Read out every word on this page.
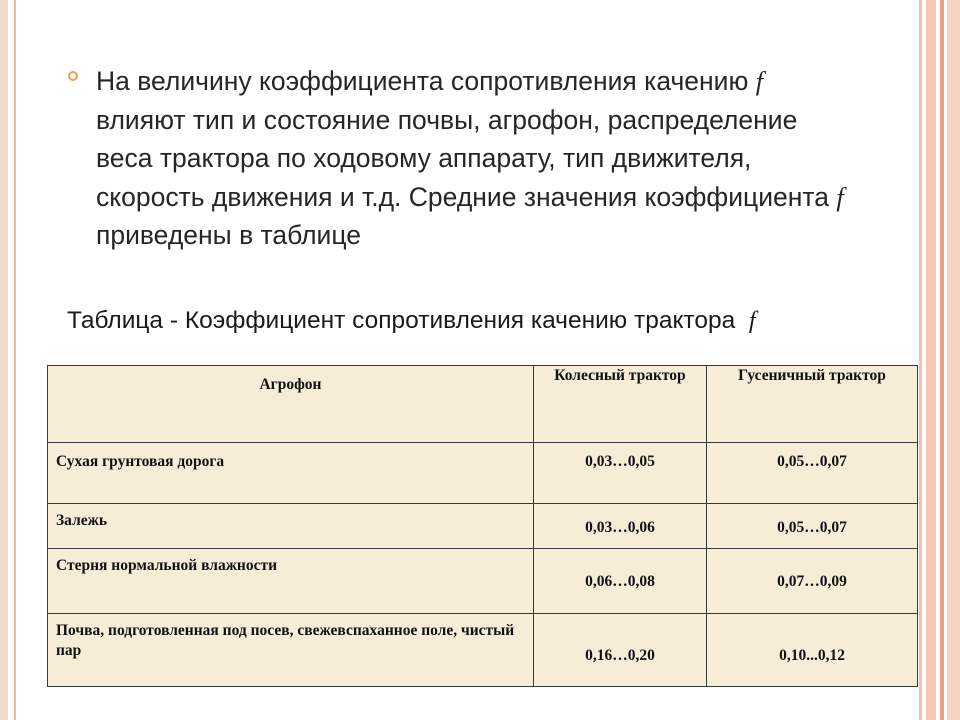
На величину коэффициента сопротивления качению f влияют тип и состояние почвы, агрофон, распределение веса трактора по ходовому аппарату, тип движителя, скорость движения и т.д. Средние значения коэффициента f приведены в таблице
Таблица - Коэффициент сопротивления качению трактора  f
Агрофон	Колесный трактор	Гусеничный трактор
Сухая грунтовая дорога	0,03…0,05	0,05…0,07
Залежь	0,03…0,06	0,05…0,07
Стерня нормальной влажности	0,06…0,08	0,07…0,09
Почва, подготовленная под посев, свежевспаханное поле, чистый пар	0,16…0,20	0,10...0,12
